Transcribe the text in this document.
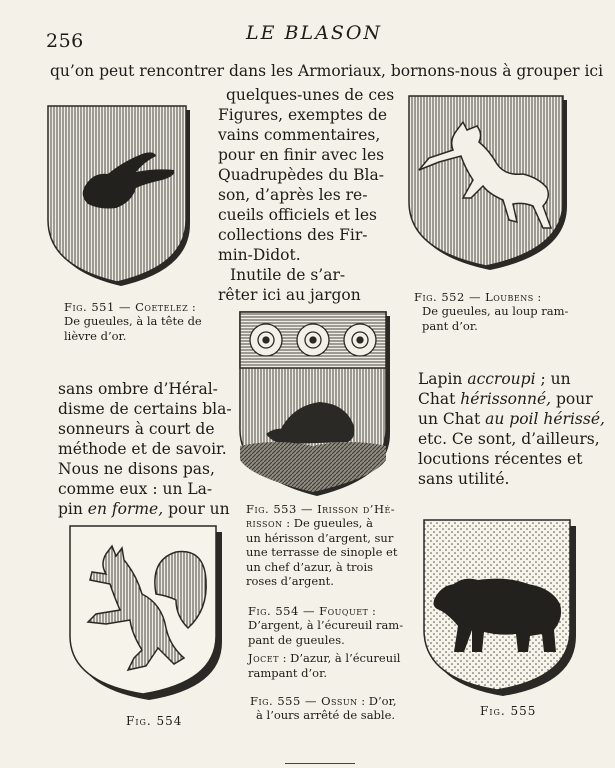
256	LE BLASON
qu’on peut rencontrer dans les Armoriaux, bornons-nous à grouper ici
quelques-unes de ces
Figures, exemptes de
vains commentaires,
pour en finir avec les
Quadrupèdes du Bla-
son, d’après les re-
cueils officiels et les
collections des Fir-
min-Didot.
Inutile de s’ar-
rêter ici au jargon
sans ombre d’Héral-
disme de certains bla-
sonneurs à court de
méthode et de savoir.
Nous ne disons pas,
comme eux : un La-
pin en forme, pour un
Lapin accroupi ; un
Chat hérissonné, pour
un Chat au poil hérissé,
etc. Ce sont, d’ailleurs,
locutions récentes et
sans utilité.
Fig. 551 — Coetelez :
De gueules, à la tête de
lièvre d’or.
Fig. 552 — Loubens :
De gueules, au loup ram-
pant d’or.
Fig. 553 — Irisson d’Hé-
risson : De gueules, à
un hérisson d’argent, sur
une terrasse de sinople et
un chef d’azur, à trois
roses d’argent.
Fig. 554 — Fouquet :
D’argent, à l’écureuil ram-
pant de gueules.
Jocet : D’azur, à l’écureuil
rampant d’or.
Fig. 555 — Ossun : D’or,
à l’ours arrêté de sable.
Fig. 554
Fig. 555
